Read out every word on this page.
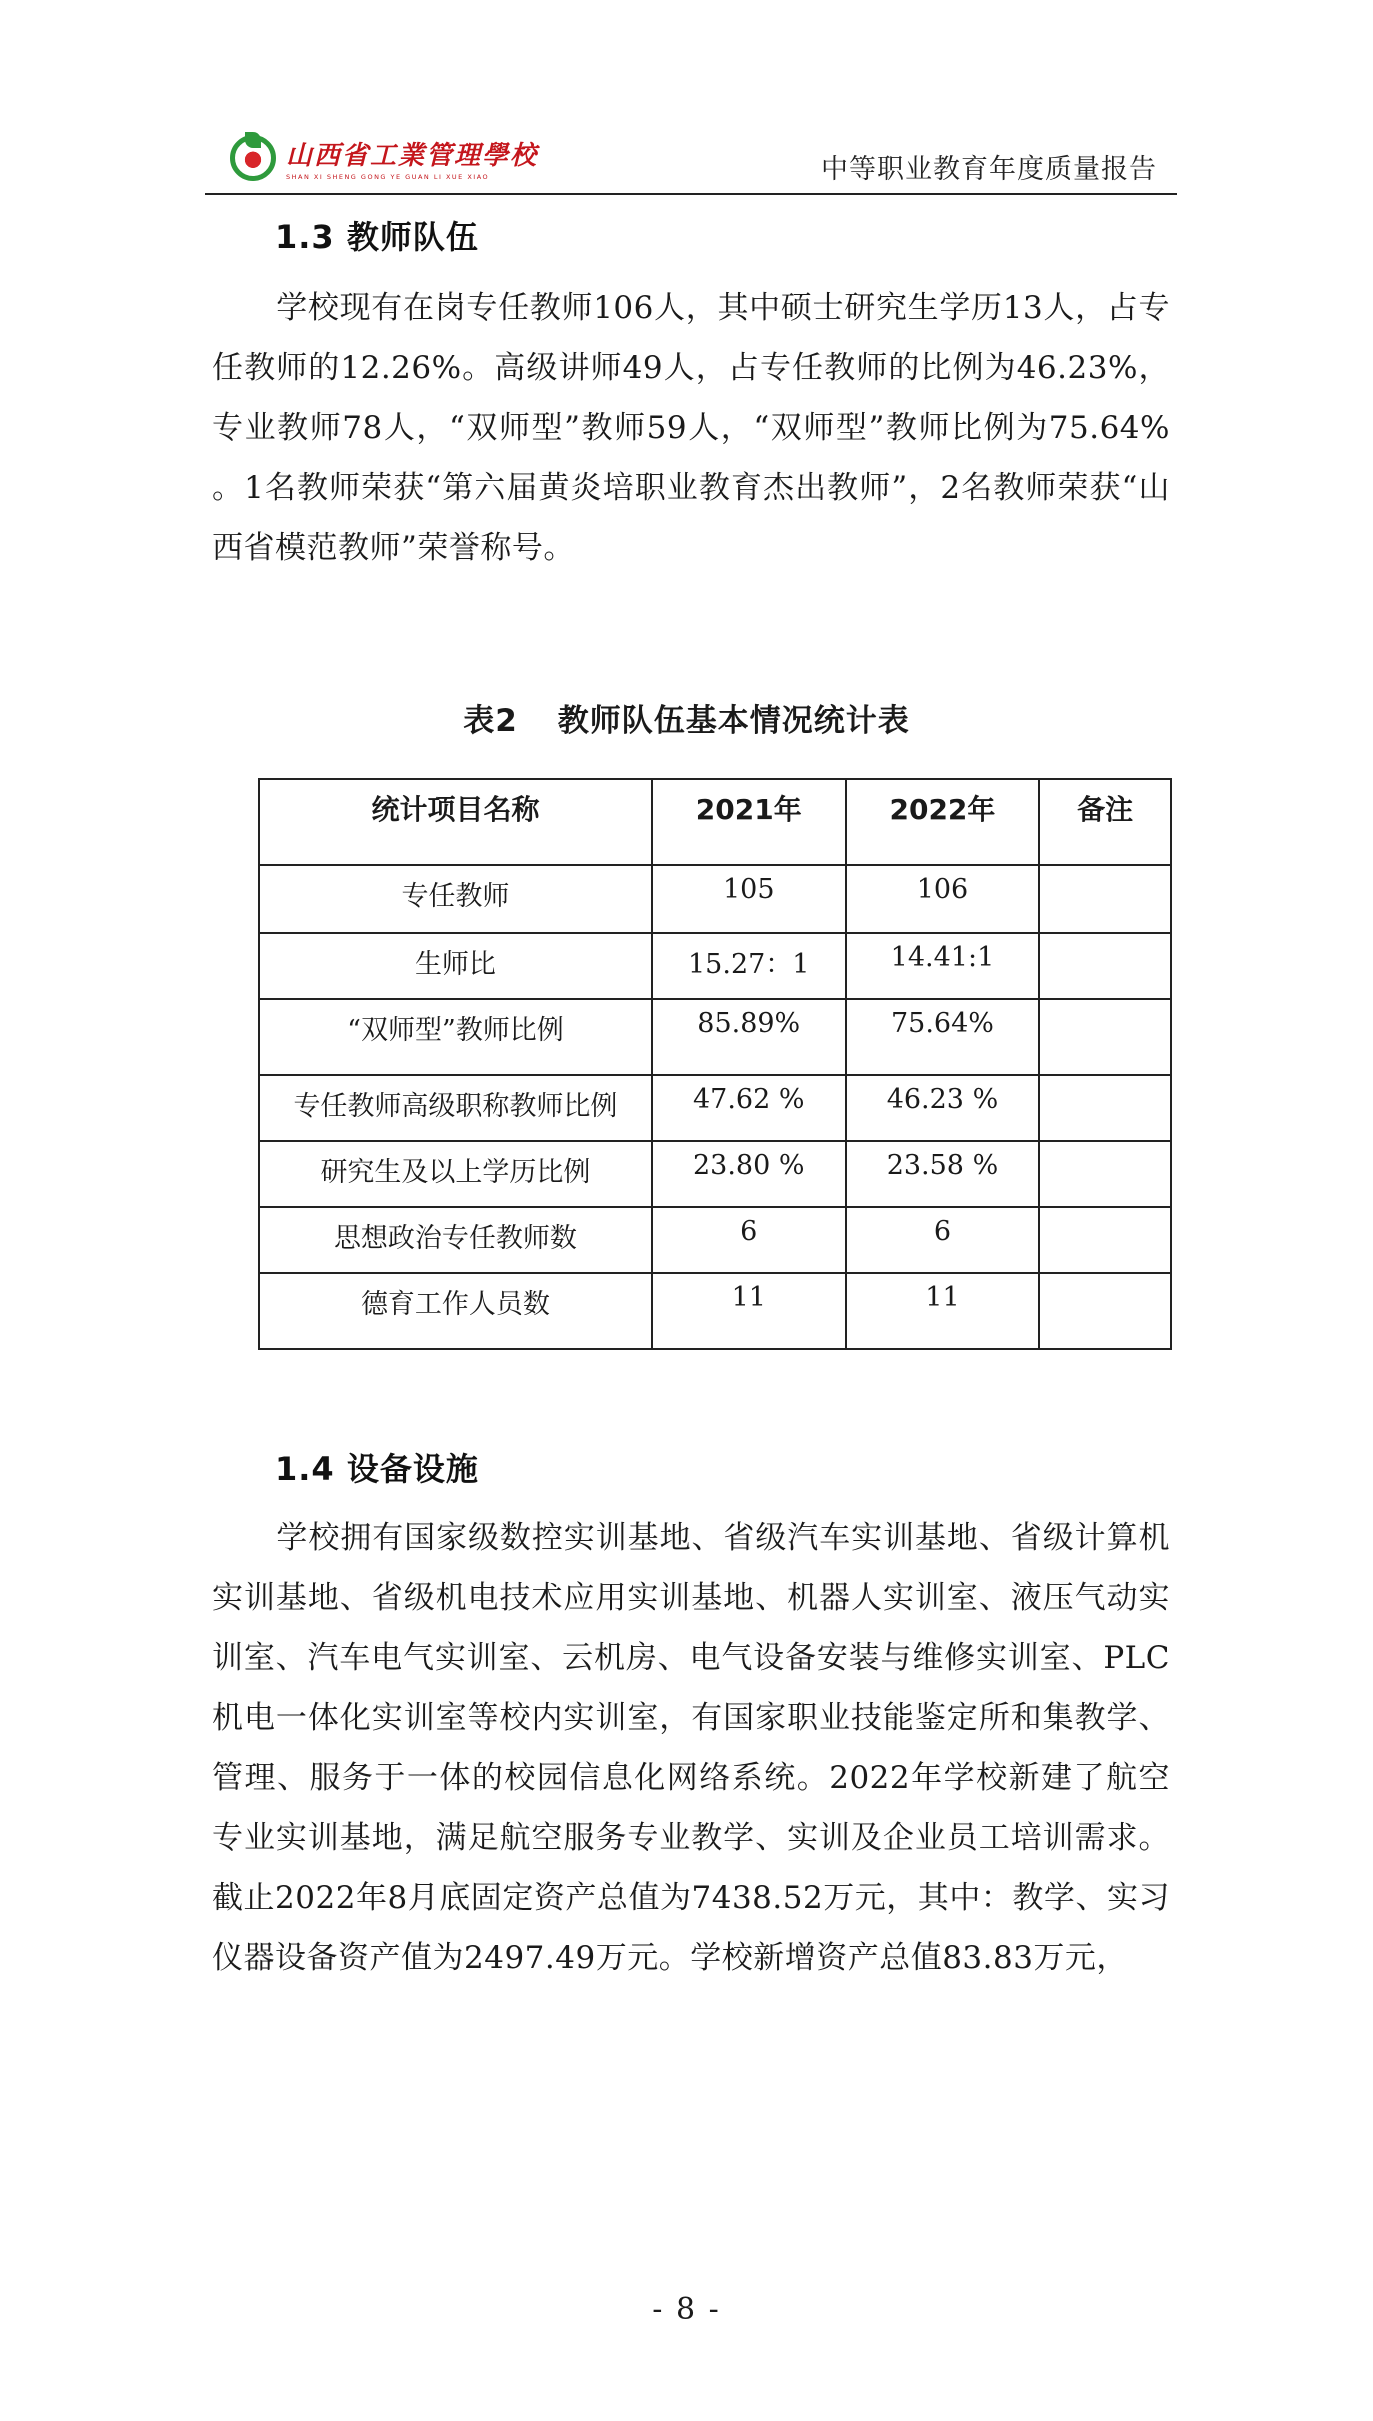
山西省工業管理學校
SHAN XI SHENG GONG YE GUAN LI XUE XIAO	中等职业教育年度质量报告
1.3 教师队伍
学校现有在岗专任教师106人，其中硕士研究生学历13人，占专任教师的12.26%。高级讲师49人，占专任教师的比例为46.23%，专业教师78人，“双师型”教师59人，“双师型”教师比例为75.64% 。1名教师荣获“第六届黄炎培职业教育杰出教师”，2名教师荣获“山西省模范教师”荣誉称号。
表2 教师队伍基本情况统计表
统计项目名称	2021年	2022年	备注
专任教师	105	106	
生师比	15.27：1	14.41:1	
“双师型”教师比例	85.89%	75.64%	
专任教师高级职称教师比例	47.62 %	46.23 %	
研究生及以上学历比例	23.80 %	23.58 %	
思想政治专任教师数	6	6	
德育工作人员数	11	11	
1.4 设备设施
学校拥有国家级数控实训基地、省级汽车实训基地、省级计算机实训基地、省级机电技术应用实训基地、机器人实训室、液压气动实训室、汽车电气实训室、云机房、电气设备安装与维修实训室、PLC机电一体化实训室等校内实训室，有国家职业技能鉴定所和集教学、管理、服务于一体的校园信息化网络系统。2022年学校新建了航空专业实训基地，满足航空服务专业教学、实训及企业员工培训需求。截止2022年8月底固定资产总值为7438.52万元，其中：教学、实习仪器设备资产值为2497.49万元。学校新增资产总值83.83万元，
- 8 -
